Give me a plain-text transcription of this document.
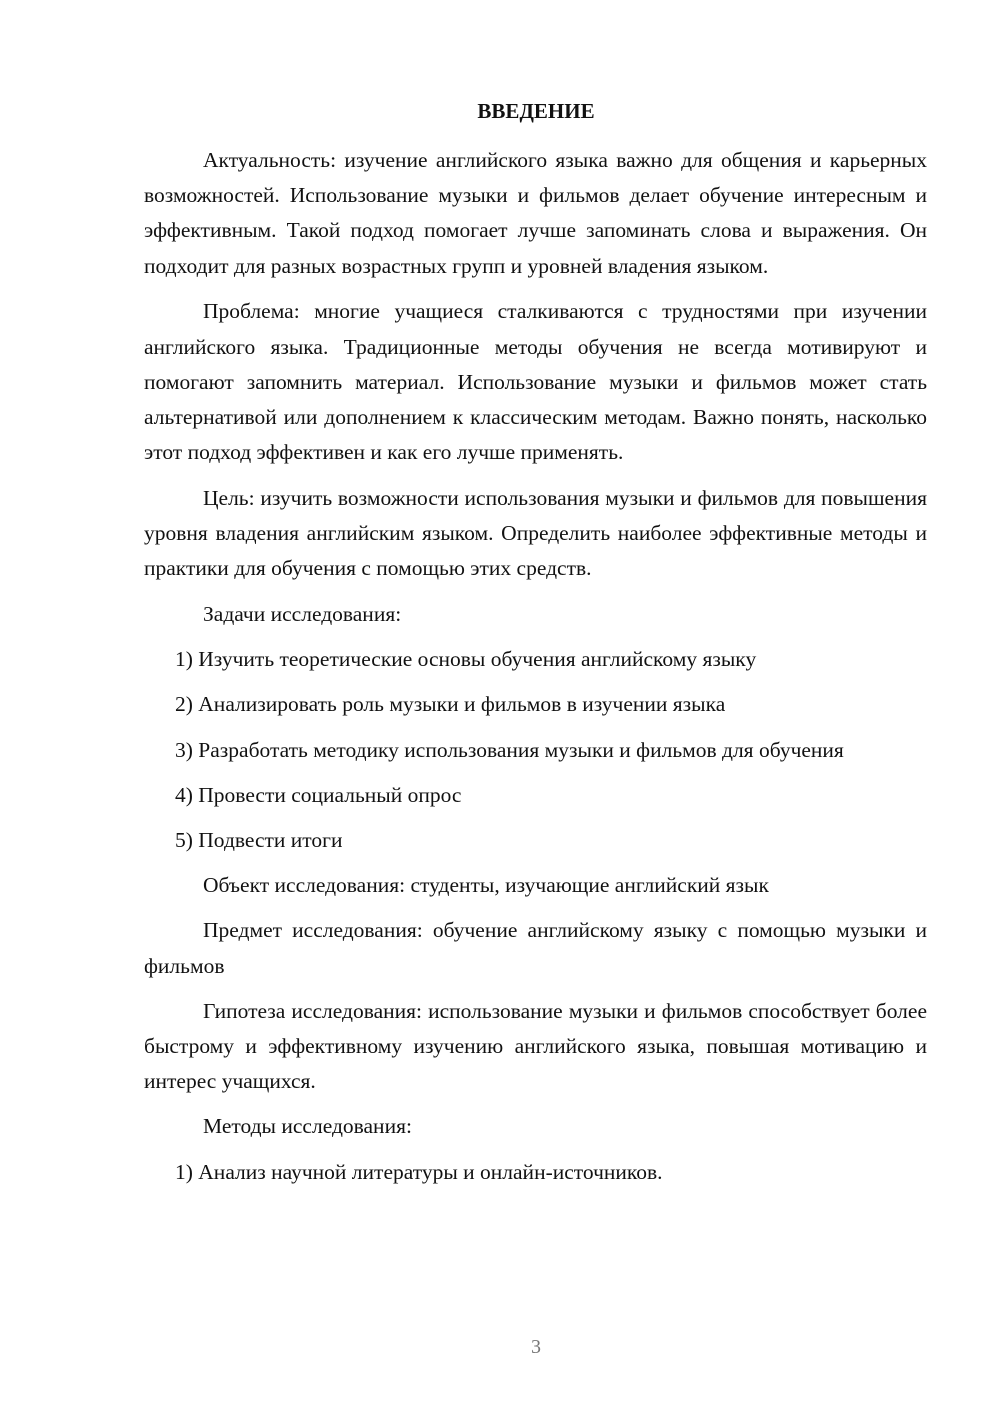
ВВЕДЕНИЕ

Актуальность: изучение английского языка важно для общения и карьерных возможностей. Использование музыки и фильмов делает обучение интересным и эффективным. Такой подход помогает лучше запоминать слова и выражения. Он подходит для разных возрастных групп и уровней владения языком.

Проблема: многие учащиеся сталкиваются с трудностями при изучении английского языка. Традиционные методы обучения не всегда мотивируют и помогают запомнить материал. Использование музыки и фильмов может стать альтернативой или дополнением к классическим методам. Важно понять, насколько этот подход эффективен и как его лучше применять.

Цель: изучить возможности использования музыки и фильмов для повышения уровня владения английским языком. Определить наиболее эффективные методы и практики для обучения с помощью этих средств.

Задачи исследования:

1) Изучить теоретические основы обучения английскому языку

2) Анализировать роль музыки и фильмов в изучении языка

3) Разработать методику использования музыки и фильмов для обучения

4) Провести социальный опрос

5) Подвести итоги

Объект исследования: студенты, изучающие английский язык

Предмет исследования: обучение английскому языку с помощью музыки и фильмов

Гипотеза исследования: использование музыки и фильмов способствует более быстрому и эффективному изучению английского языка, повышая мотивацию и интерес учащихся.

Методы исследования:

1) Анализ научной литературы и онлайн-источников.

3
